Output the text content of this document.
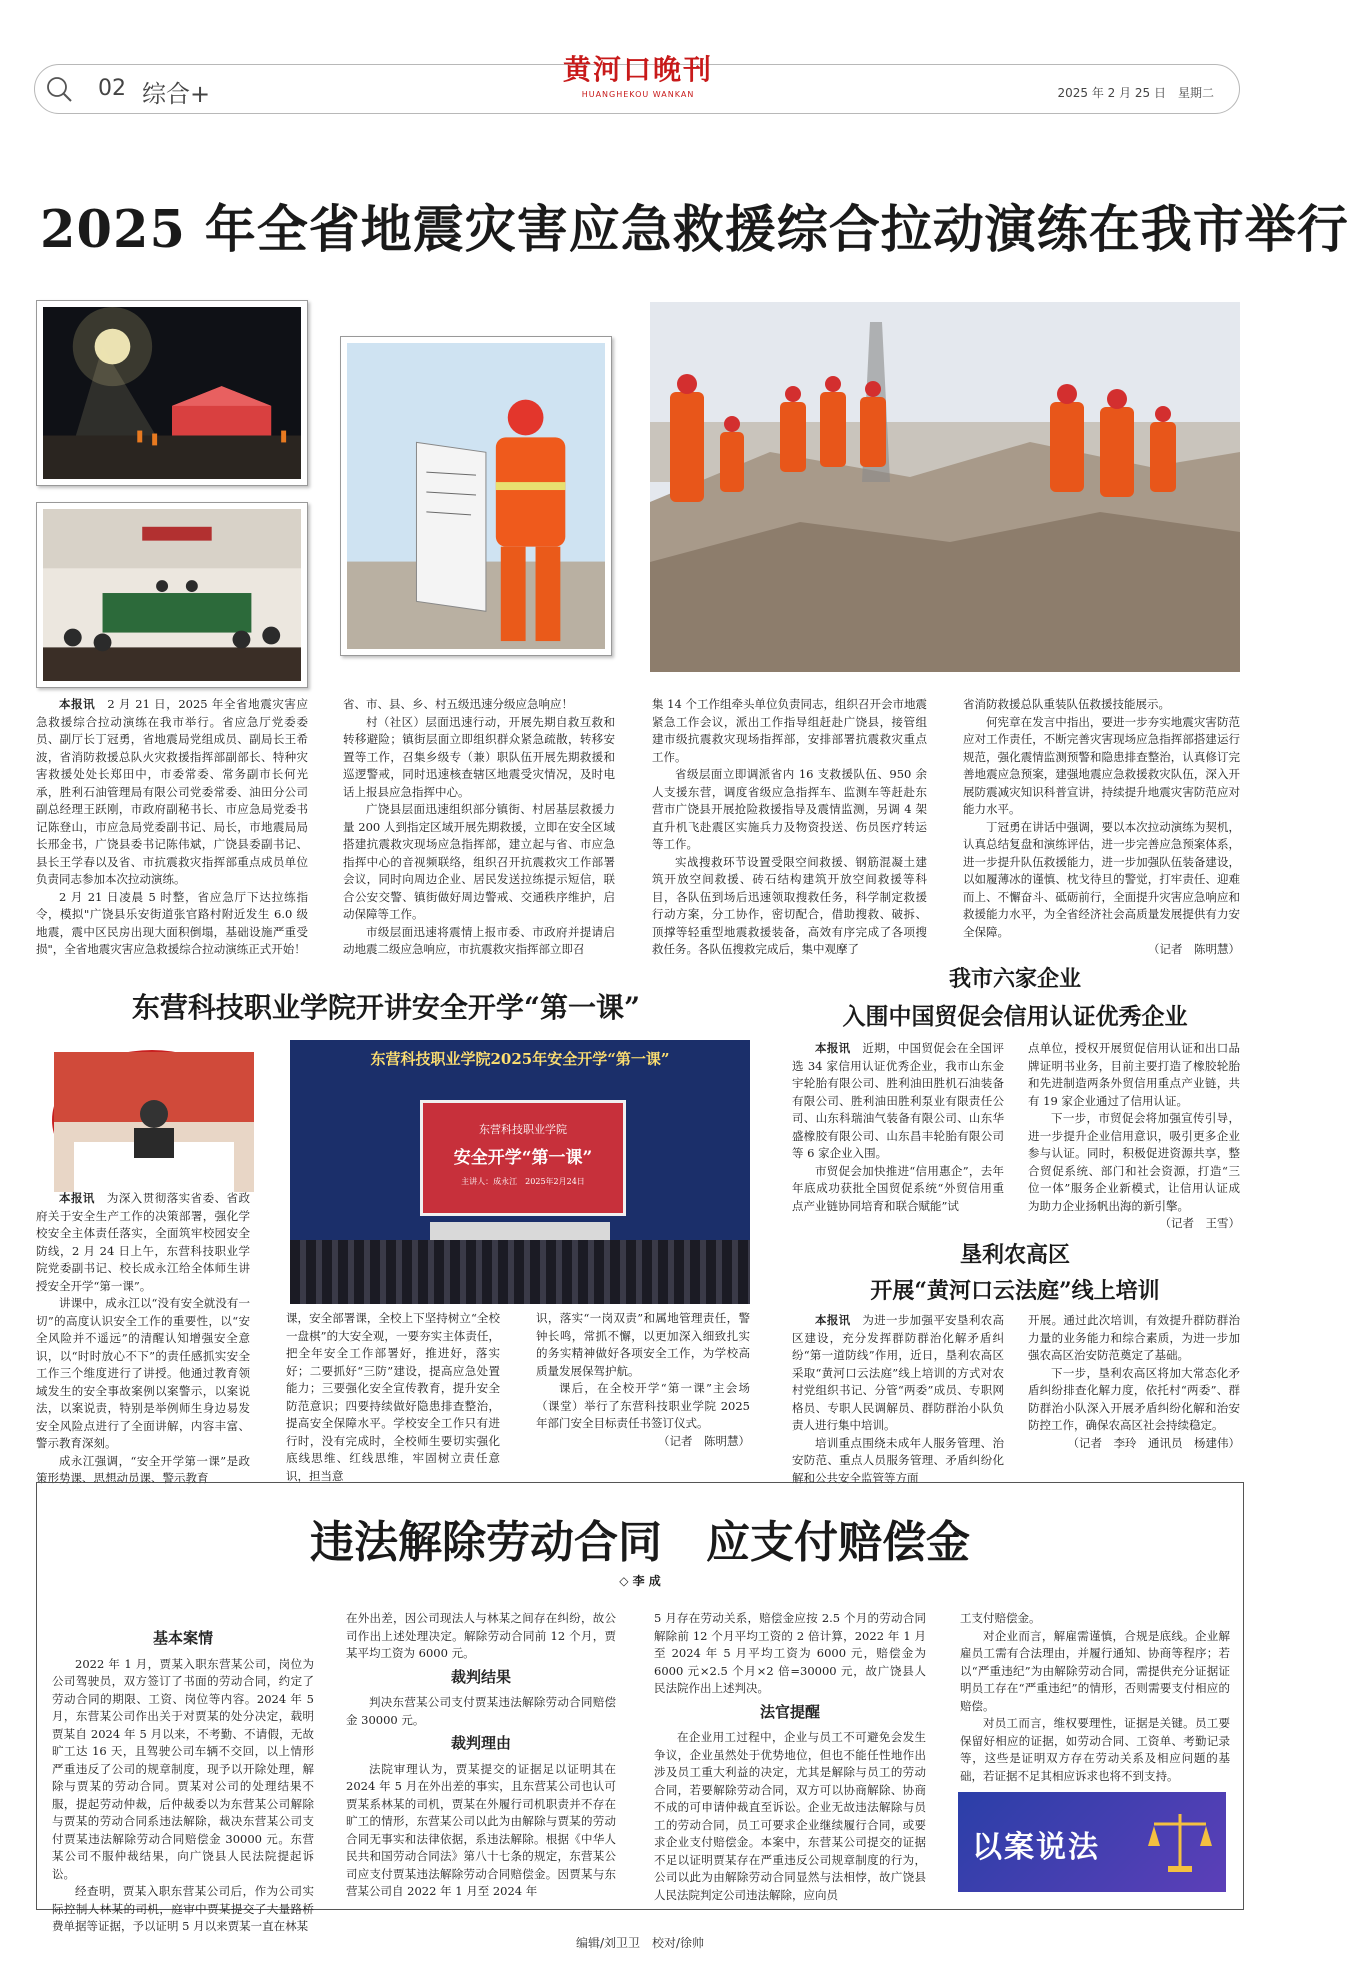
02 综合+
黄河口晚刊
HUANGHEKOU WANKAN	2025 年 2 月 25 日　星期二
2025 年全省地震灾害应急救援综合拉动演练在我市举行

本报讯　 2 月 21 日，2025 年全省地震灾害应急救援综合拉动演练在我市举行。省应急厅党委委员、副厅长丁冠勇，省地震局党组成员、副局长王希波，省消防救援总队火灾救援指挥部副部长、特种灾害救援处处长郑田中，市委常委、常务副市长何光承，胜利石油管理局有限公司党委常委、油田分公司副总经理王跃刚，市政府副秘书长、市应急局党委书记陈登山，市应急局党委副书记、局长，市地震局局长邢金书，广饶县委书记陈伟斌，广饶县委副书记、县长王学春以及省、市抗震救灾指挥部重点成员单位负责同志参加本次拉动演练。

2 月 21 日凌晨 5 时整，省应急厅下达拉练指令，模拟"广饶县乐安街道张官路村附近发生 6.0 级地震，震中区民房出现大面积倒塌，基础设施严重受损"，全省地震灾害应急救援综合拉动演练正式开始！

省、市、县、乡、村五级迅速分级应急响应！

村（社区）层面迅速行动，开展先期自救互救和转移避险；镇街层面立即组织群众紧急疏散，转移安置等工作，召集乡级专（兼）职队伍开展先期救援和巡逻警戒，同时迅速核查辖区地震受灾情况，及时电话上报县应急指挥中心。

广饶县层面迅速组织部分镇街、村居基层救援力量 200 人到指定区域开展先期救援，立即在安全区域搭建抗震救灾现场应急指挥部，建立起与省、市应急指挥中心的音视频联络，组织召开抗震救灾工作部署会议，同时向周边企业、居民发送拉练提示短信，联合公安交警、镇街做好周边警戒、交通秩序维护，启动保障等工作。

市级层面迅速将震情上报市委、市政府并提请启动地震二级应急响应，市抗震救灾指挥部立即召

集 14 个工作组牵头单位负责同志，组织召开会市地震紧急工作会议，派出工作指导组赶赴广饶县，接管组建市级抗震救灾现场指挥部，安排部署抗震救灾重点工作。

省级层面立即调派省内 16 支救援队伍、950 余人支援东营，调度省级应急指挥车、监测车等赶赴东营市广饶县开展抢险救援指导及震情监测，另调 4 架直升机飞赴震区实施兵力及物资投送、伤员医疗转运等工作。

实战搜救环节设置受限空间救援、钢筋混凝土建筑开放空间救援、砖石结构建筑开放空间救援等科目，各队伍到场后迅速领取搜救任务，科学制定救援行动方案，分工协作，密切配合，借助搜救、破拆、顶撑等轻重型地震救援装备，高效有序完成了各项搜救任务。各队伍搜救完成后，集中观摩了

省消防救援总队重装队伍救援技能展示。

何宪章在发言中指出，要进一步夯实地震灾害防范应对工作责任，不断完善灾害现场应急指挥部搭建运行规范，强化震情监测预警和隐患排查整治，认真修订完善地震应急预案，建强地震应急救援救灾队伍，深入开展防震减灾知识科普宣讲，持续提升地震灾害防范应对能力水平。

丁冠勇在讲话中强调，要以本次拉动演练为契机，认真总结复盘和演练评估，进一步完善应急预案体系，进一步提升队伍救援能力，进一步加强队伍装备建设，以如履薄冰的谨慎、枕戈待旦的警觉，打牢责任、迎难而上、不懈奋斗、砥砺前行，全面提升灾害应急响应和救援能力水平，为全省经济社会高质量发展提供有力安全保障。

（记者　陈明慧）
东营科技职业学院开讲安全开学“第一课”
东营科技职业学院2025年安全开学“第一课”
东营科技职业学院
安全开学“第一课”
主讲人：成永江　2025年2月24日

本报讯　 为深入贯彻落实省委、省政府关于安全生产工作的决策部署，强化学校安全主体责任落实，全面筑牢校园安全防线，2 月 24 日上午，东营科技职业学院党委副书记、校长成永江给全体师生讲授安全开学“第一课”。

讲课中，成永江以“没有安全就没有一切”的高度认识安全工作的重要性，以“安全风险并不遥远”的清醒认知增强安全意识，以“时时放心不下”的责任感抓实安全工作三个维度进行了讲授。他通过教育领域发生的安全事故案例以案警示，以案说法，以案说责，特别是举例师生身边易发安全风险点进行了全面讲解，内容丰富、警示教育深刻。

成永江强调，“安全开学第一课”是政策形势课、思想动员课、警示教育

课，安全部署课，全校上下坚持树立“全校一盘棋”的大安全观，一要夯实主体责任，把全年安全工作部署好，推进好，落实好；二要抓好“三防”建设，提高应急处置能力；三要强化安全宣传教育，提升安全防范意识；四要持续做好隐患排查整治，提高安全保障水平。学校安全工作只有进行时，没有完成时，全校师生要切实强化底线思维、红线思维，牢固树立责任意识，担当意

识，落实“一岗双责”和属地管理责任，警钟长鸣，常抓不懈，以更加深入细致扎实的务实精神做好各项安全工作，为学校高质量发展保驾护航。

课后，在全校开学“第一课”主会场（课堂）举行了东营科技职业学院 2025 年部门安全目标责任书签订仪式。

（记者　陈明慧）
我市六家企业
入围中国贸促会信用认证优秀企业

本报讯　 近期，中国贸促会在全国评选 34 家信用认证优秀企业，我市山东金宇轮胎有限公司、胜利油田胜机石油装备有限公司、胜利油田胜利泵业有限责任公司、山东科瑞油气装备有限公司、山东华盛橡胶有限公司、山东昌丰轮胎有限公司等 6 家企业入围。

市贸促会加快推进“信用惠企”，去年年底成功获批全国贸促系统“外贸信用重点产业链协同培育和联合赋能”试

点单位，授权开展贸促信用认证和出口品牌证明书业务，目前主要打造了橡胶轮胎和先进制造两条外贸信用重点产业链，共有 19 家企业通过了信用认证。

下一步，市贸促会将加强宣传引导，进一步提升企业信用意识，吸引更多企业参与认证。同时，积极促进资源共享，整合贸促系统、部门和社会资源，打造“三位一体”服务企业新模式，让信用认证成为助力企业扬帆出海的新引擎。

（记者　王雪）
垦利农高区
开展“黄河口云法庭”线上培训

本报讯　 为进一步加强平安垦利农高区建设，充分发挥群防群治化解矛盾纠纷“第一道防线”作用，近日，垦利农高区采取“黄河口云法庭”线上培训的方式对农村党组织书记、分管“两委”成员、专职网格员、专职人民调解员、群防群治小队负责人进行集中培训。

培训重点围绕未成年人服务管理、治安防范、重点人员服务管理、矛盾纠纷化解和公共安全监管等方面

开展。通过此次培训，有效提升群防群治力量的业务能力和综合素质，为进一步加强农高区治安防范奠定了基础。

下一步，垦利农高区将加大常态化矛盾纠纷排查化解力度，依托村“两委”、群防群治小队深入开展矛盾纠纷化解和治安防控工作，确保农高区社会持续稳定。

（记者　李玲　通讯员　杨建伟）
违法解除劳动合同　应支付赔偿金
◇ 李 成
基本案情

2022 年 1 月，贾某入职东营某公司，岗位为公司驾驶员，双方签订了书面的劳动合同，约定了劳动合同的期限、工资、岗位等内容。2024 年 5 月，东营某公司作出关于对贾某的处分决定，载明贾某自 2024 年 5 月以来，不考勤、不请假，无故旷工达 16 天，且驾驶公司车辆不交回，以上情形严重违反了公司的规章制度，现予以开除处理，解除与贾某的劳动合同。贾某对公司的处理结果不服，提起劳动仲裁，后仲裁委以为东营某公司解除与贾某的劳动合同系违法解除，裁决东营某公司支付贾某违法解除劳动合同赔偿金 30000 元。东营某公司不服仲裁结果，向广饶县人民法院提起诉讼。

经查明，贾某入职东营某公司后，作为公司实际控制人林某的司机，庭审中贾某提交了大量路桥费单据等证据，予以证明 5 月以来贾某一直在林某

在外出差，因公司现法人与林某之间存在纠纷，故公司作出上述处理决定。解除劳动合同前 12 个月，贾某平均工资为 6000 元。

裁判结果

判决东营某公司支付贾某违法解除劳动合同赔偿金 30000 元。

裁判理由

法院审理认为，贾某提交的证据足以证明其在 2024 年 5 月在外出差的事实，且东营某公司也认可贾某系林某的司机，贾某在外履行司机职责并不存在旷工的情形，东营某公司以此为由解除与贾某的劳动合同无事实和法律依据，系违法解除。根据《中华人民共和国劳动合同法》第八十七条的规定，东营某公司应支付贾某违法解除劳动合同赔偿金。因贾某与东营某公司自 2022 年 1 月至 2024 年

5 月存在劳动关系，赔偿金应按 2.5 个月的劳动合同解除前 12 个月平均工资的 2 倍计算，2022 年 1 月至 2024 年 5 月平均工资为 6000 元，赔偿金为 6000 元×2.5 个月×2 倍=30000 元，故广饶县人民法院作出上述判决。

法官提醒

在企业用工过程中，企业与员工不可避免会发生争议，企业虽然处于优势地位，但也不能任性地作出涉及员工重大利益的决定，尤其是解除与员工的劳动合同，若要解除劳动合同，双方可以协商解除、协商不成的可申请仲裁直至诉讼。企业无故违法解除与员工的劳动合同，员工可要求企业继续履行合同，或要求企业支付赔偿金。本案中，东营某公司提交的证据不足以证明贾某存在严重违反公司规章制度的行为，公司以此为由解除劳动合同显然与法相悖，故广饶县人民法院判定公司违法解除，应向员

工支付赔偿金。

对企业而言，解雇需谨慎，合规是底线。企业解雇员工需有合法理由，并履行通知、协商等程序；若以“严重违纪”为由解除劳动合同，需提供充分证据证明员工存在“严重违纪”的情形，否则需要支付相应的赔偿。

对员工而言，维权要理性，证据是关键。员工要保留好相应的证据，如劳动合同、工资单、考勤记录等，这些是证明双方存在劳动关系及相应问题的基础，若证据不足其相应诉求也将不到支持。

以案说法
编辑/刘卫卫　校对/徐帅
